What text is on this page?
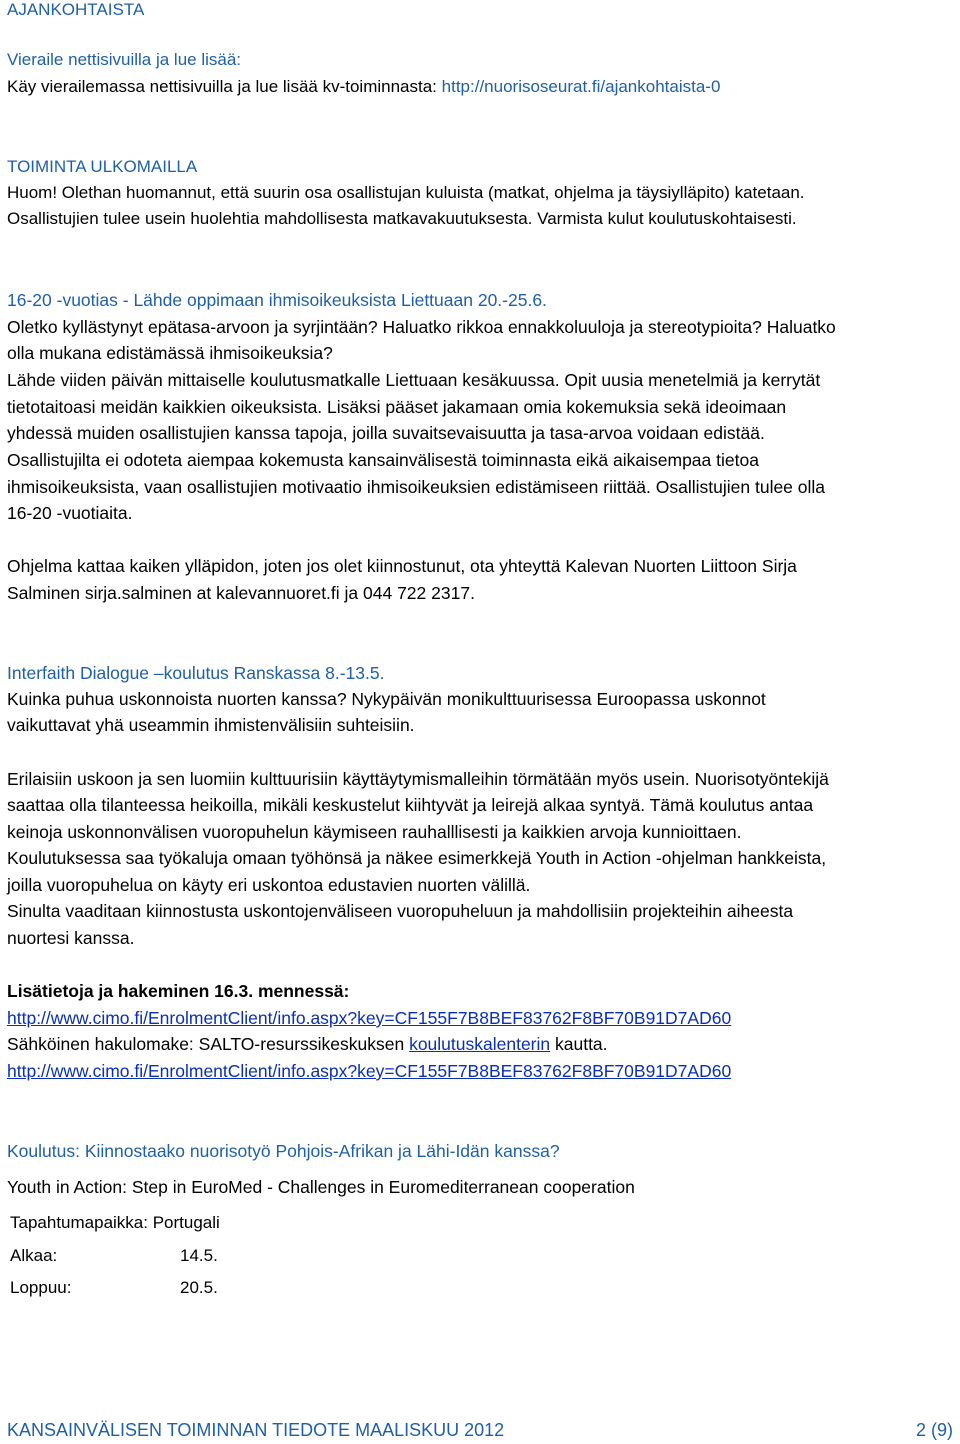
AJANKOHTAISTA
Vieraile nettisivuilla ja lue lisää:
Käy vierailemassa nettisivuilla ja lue lisää kv-toiminnasta: http://nuorisoseurat.fi/ajankohtaista-0
TOIMINTA ULKOMAILLA
Huom! Olethan huomannut, että suurin osa osallistujan kuluista (matkat, ohjelma ja täysiylläpito) katetaan.
Osallistujien tulee usein huolehtia mahdollisesta matkavakuutuksesta. Varmista kulut koulutuskohtaisesti.
16-20 -vuotias - Lähde oppimaan ihmisoikeuksista Liettuaan 20.-25.6.
Oletko kyllästynyt epätasa-arvoon ja syrjintään? Haluatko rikkoa ennakkoluuloja ja stereotypioita? Haluatko
olla mukana edistämässä ihmisoikeuksia?
Lähde viiden päivän mittaiselle koulutusmatkalle Liettuaan kesäkuussa. Opit uusia menetelmiä ja kerrytät
tietotaitoasi meidän kaikkien oikeuksista. Lisäksi pääset jakamaan omia kokemuksia sekä ideoimaan
yhdessä muiden osallistujien kanssa tapoja, joilla suvaitsevaisuutta ja tasa-arvoa voidaan edistää.
Osallistujilta ei odoteta aiempaa kokemusta kansainvälisestä toiminnasta eikä aikaisempaa tietoa
ihmisoikeuksista, vaan osallistujien motivaatio ihmisoikeuksien edistämiseen riittää. Osallistujien tulee olla
16-20 -vuotiaita.
Ohjelma kattaa kaiken ylläpidon, joten jos olet kiinnostunut, ota yhteyttä Kalevan Nuorten Liittoon Sirja
Salminen sirja.salminen at kalevannuoret.fi ja 044 722 2317.
Interfaith Dialogue –koulutus Ranskassa 8.-13.5.
Kuinka puhua uskonnoista nuorten kanssa? Nykypäivän monikulttuurisessa Euroopassa uskonnot
vaikuttavat yhä useammin ihmistenvälisiin suhteisiin.
Erilaisiin uskoon ja sen luomiin kulttuurisiin käyttäytymismalleihin törmätään myös usein. Nuorisotyöntekijä
saattaa olla tilanteessa heikoilla, mikäli keskustelut kiihtyvät ja leirejä alkaa syntyä. Tämä koulutus antaa
keinoja uskonnonvälisen vuoropuhelun käymiseen rauhalllisesti ja kaikkien arvoja kunnioittaen.
Koulutuksessa saa työkaluja omaan työhönsä ja näkee esimerkkejä Youth in Action -ohjelman hankkeista,
joilla vuoropuhelua on käyty eri uskontoa edustavien nuorten välillä.
Sinulta vaaditaan kiinnostusta uskontojenväliseen vuoropuheluun ja mahdollisiin projekteihin aiheesta
nuortesi kanssa.
Lisätietoja ja hakeminen 16.3. mennessä:
http://www.cimo.fi/EnrolmentClient/info.aspx?key=CF155F7B8BEF83762F8BF70B91D7AD60
Sähköinen hakulomake: SALTO-resurssikeskuksen koulutuskalenterin kautta.
http://www.cimo.fi/EnrolmentClient/info.aspx?key=CF155F7B8BEF83762F8BF70B91D7AD60
Koulutus: Kiinnostaako nuorisotyö Pohjois-Afrikan ja Lähi-Idän kanssa?
Youth in Action: Step in EuroMed - Challenges in Euromediterranean cooperation
Tapahtumapaikka: Portugali
Alkaa:	14.5.
Loppuu:	20.5.
KANSAINVÄLISEN TOIMINNAN TIEDOTE MAALISKUU 2012	2 (9)
